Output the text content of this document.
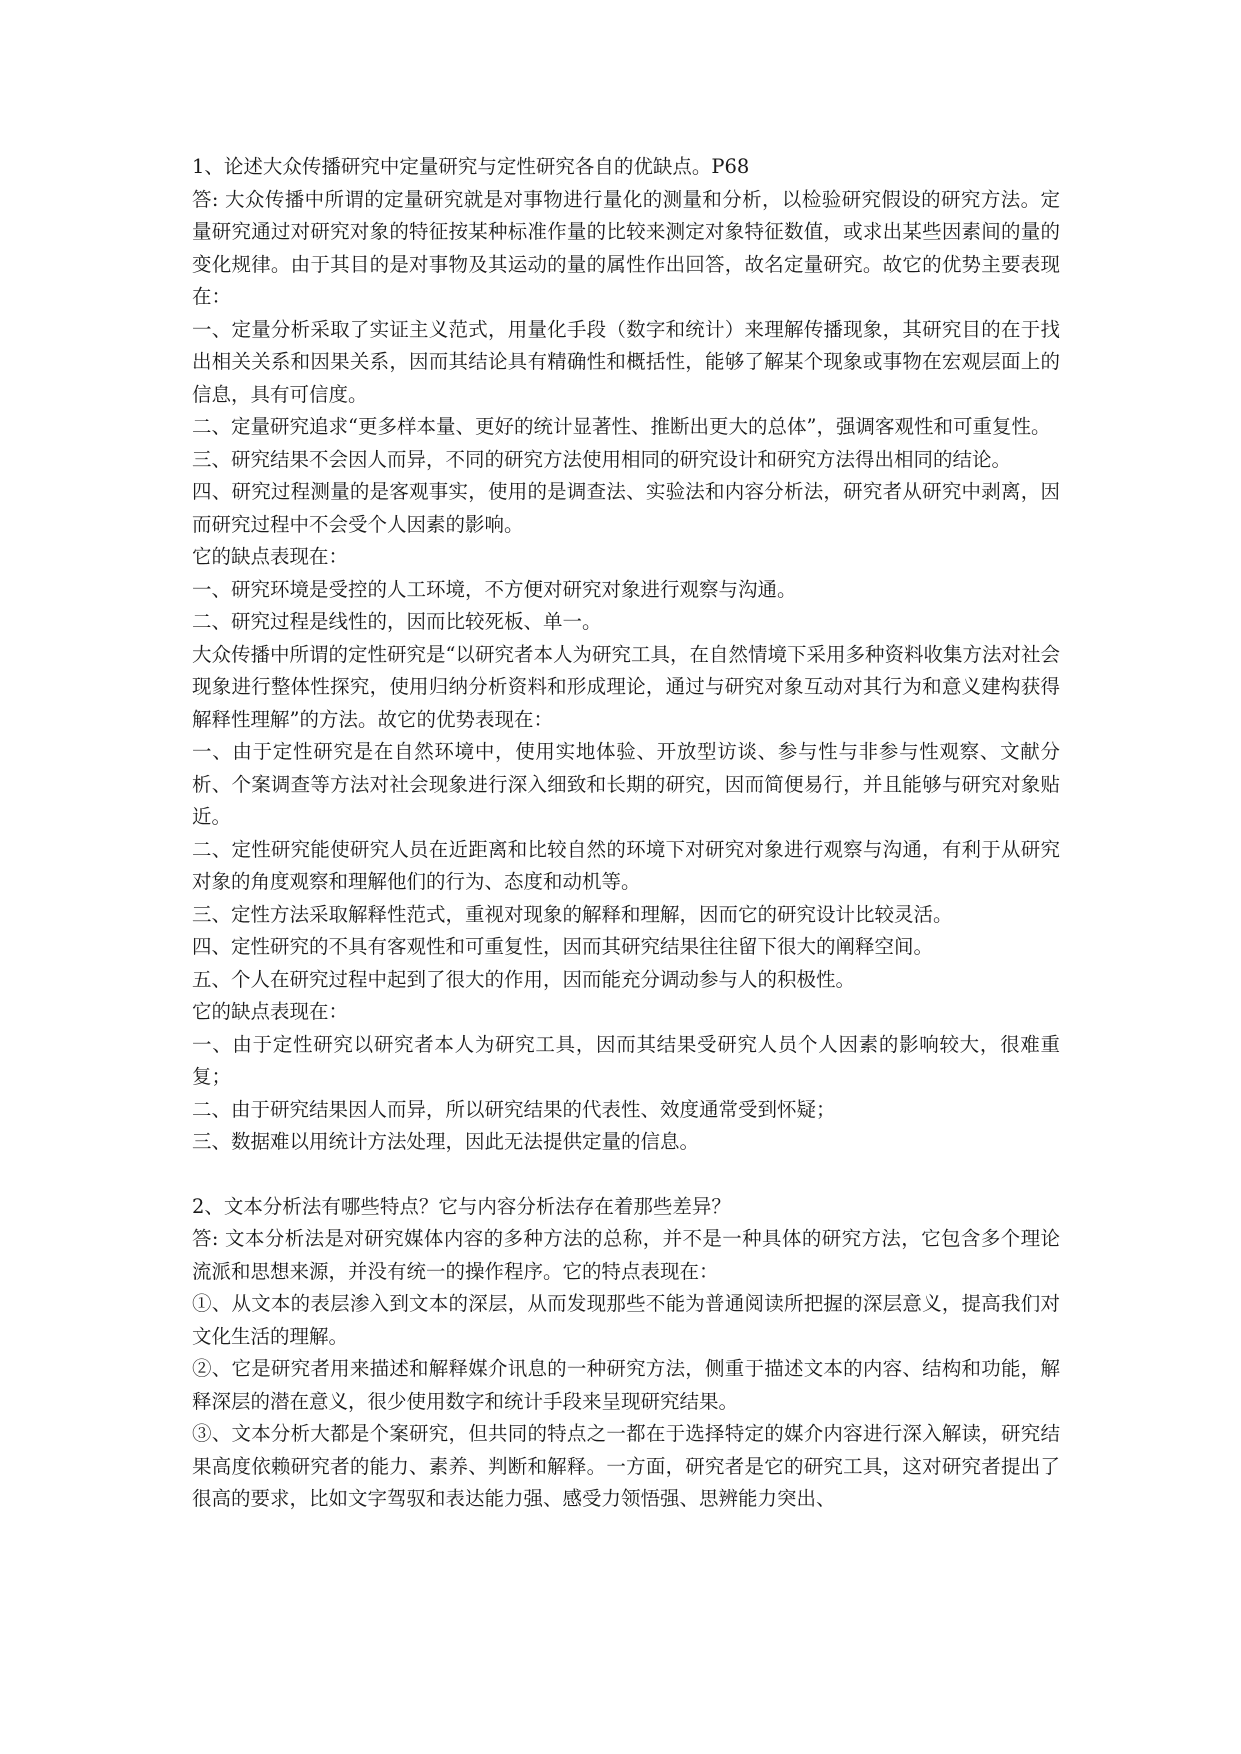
1、论述大众传播研究中定量研究与定性研究各自的优缺点。P68

答: 大众传播中所谓的定量研究就是对事物进行量化的测量和分析，以检验研究假设的研究方法。定量研究通过对研究对象的特征按某种标准作量的比较来测定对象特征数值，或求出某些因素间的量的变化规律。由于其目的是对事物及其运动的量的属性作出回答，故名定量研究。故它的优势主要表现在：

一、定量分析采取了实证主义范式，用量化手段（数字和统计）来理解传播现象，其研究目的在于找出相关关系和因果关系，因而其结论具有精确性和概括性，能够了解某个现象或事物在宏观层面上的信息，具有可信度。

二、定量研究追求“更多样本量、更好的统计显著性、推断出更大的总体”，强调客观性和可重复性。

三、研究结果不会因人而异，不同的研究方法使用相同的研究设计和研究方法得出相同的结论。

四、研究过程测量的是客观事实，使用的是调查法、实验法和内容分析法，研究者从研究中剥离，因而研究过程中不会受个人因素的影响。

它的缺点表现在：

一、研究环境是受控的人工环境，不方便对研究对象进行观察与沟通。

二、研究过程是线性的，因而比较死板、单一。

大众传播中所谓的定性研究是“以研究者本人为研究工具，在自然情境下采用多种资料收集方法对社会现象进行整体性探究，使用归纳分析资料和形成理论，通过与研究对象互动对其行为和意义建构获得解释性理解”的方法。故它的优势表现在：

一、由于定性研究是在自然环境中，使用实地体验、开放型访谈、参与性与非参与性观察、文献分析、个案调查等方法对社会现象进行深入细致和长期的研究，因而简便易行，并且能够与研究对象贴近。

二、定性研究能使研究人员在近距离和比较自然的环境下对研究对象进行观察与沟通，有利于从研究对象的角度观察和理解他们的行为、态度和动机等。

三、定性方法采取解释性范式，重视对现象的解释和理解，因而它的研究设计比较灵活。

四、定性研究的不具有客观性和可重复性，因而其研究结果往往留下很大的阐释空间。

五、个人在研究过程中起到了很大的作用，因而能充分调动参与人的积极性。

它的缺点表现在：

一、由于定性研究以研究者本人为研究工具，因而其结果受研究人员个人因素的影响较大，很难重复；

二、由于研究结果因人而异，所以研究结果的代表性、效度通常受到怀疑；

三、数据难以用统计方法处理，因此无法提供定量的信息。

2、文本分析法有哪些特点？它与内容分析法存在着那些差异？

答: 文本分析法是对研究媒体内容的多种方法的总称，并不是一种具体的研究方法，它包含多个理论流派和思想来源，并没有统一的操作程序。它的特点表现在：

①、从文本的表层渗入到文本的深层，从而发现那些不能为普通阅读所把握的深层意义，提高我们对文化生活的理解。

②、它是研究者用来描述和解释媒介讯息的一种研究方法，侧重于描述文本的内容、结构和功能，解释深层的潜在意义，很少使用数字和统计手段来呈现研究结果。

③、文本分析大都是个案研究，但共同的特点之一都在于选择特定的媒介内容进行深入解读，研究结果高度依赖研究者的能力、素养、判断和解释。一方面，研究者是它的研究工具，这对研究者提出了很高的要求，比如文字驾驭和表达能力强、感受力领悟强、思辨能力突出、
